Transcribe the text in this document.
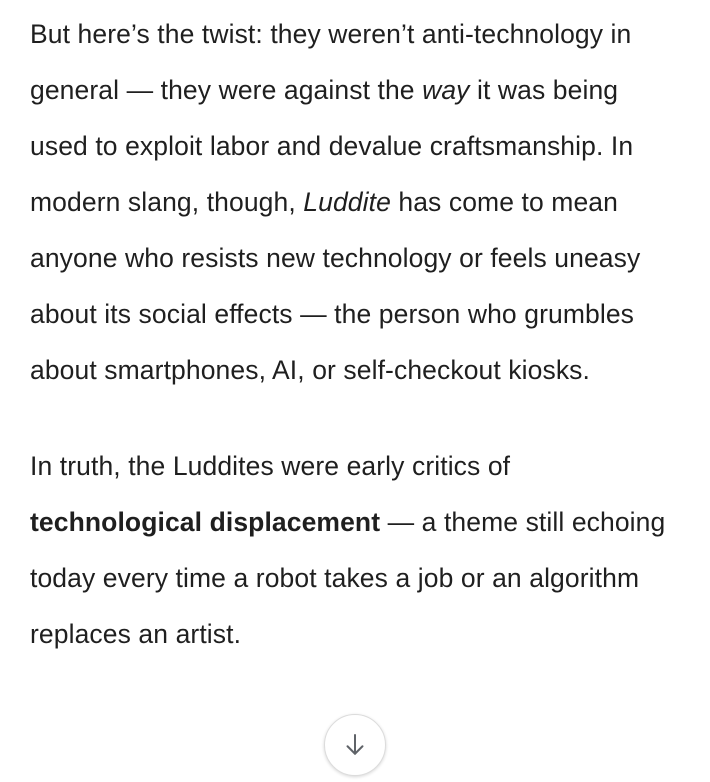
But here’s the twist: they weren’t anti-technology in general — they were against the way it was being used to exploit labor and devalue craftsmanship. In modern slang, though, Luddite has come to mean anyone who resists new technology or feels uneasy about its social effects — the person who grumbles about smartphones, AI, or self-checkout kiosks.

In truth, the Luddites were early critics of technological displacement — a theme still echoing today every time a robot takes a job or an algorithm replaces an artist.
